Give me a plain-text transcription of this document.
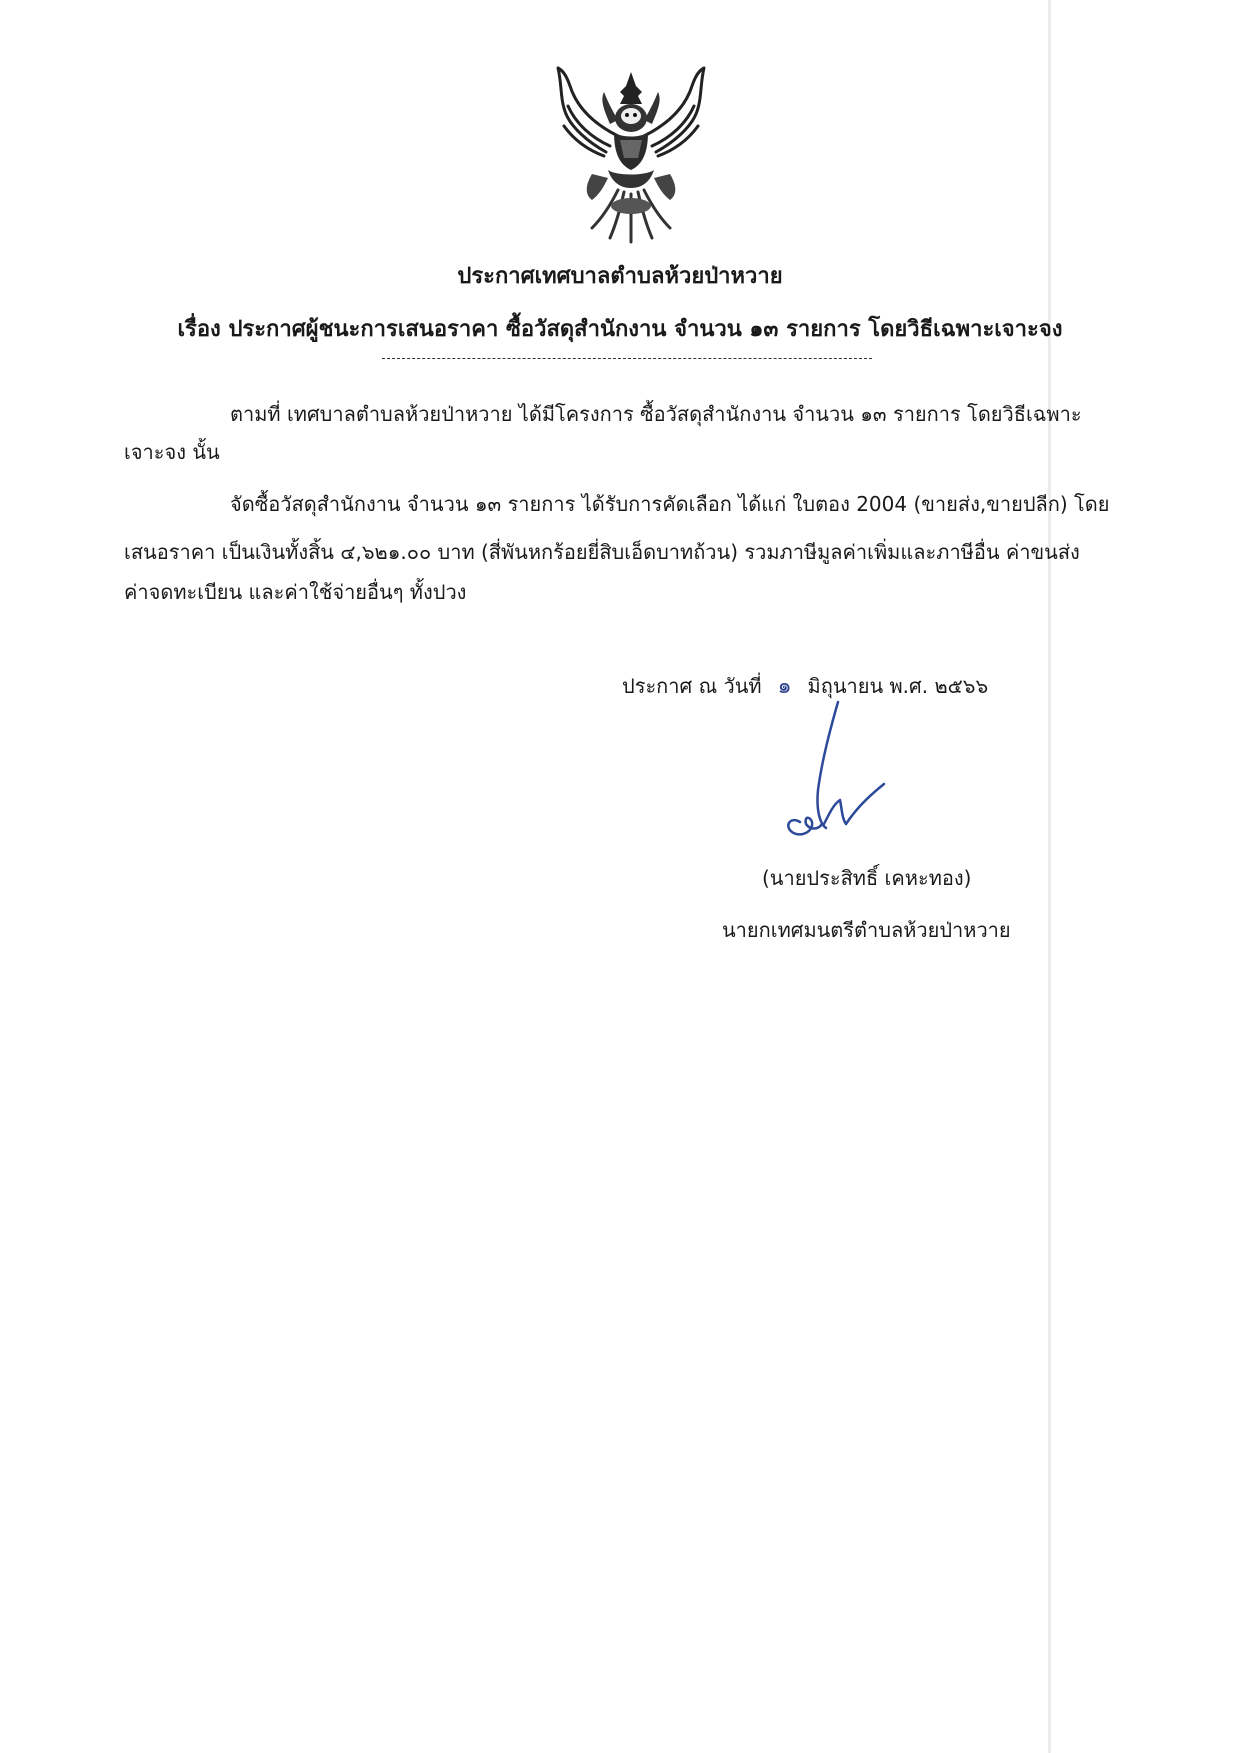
ประกาศเทศบาลตำบลห้วยป่าหวาย
เรื่อง ประกาศผู้ชนะการเสนอราคา ซื้อวัสดุสำนักงาน จำนวน ๑๓ รายการ โดยวิธีเฉพาะเจาะจง
ตามที่ เทศบาลตำบลห้วยป่าหวาย ได้มีโครงการ ซื้อวัสดุสำนักงาน จำนวน ๑๓ รายการ โดยวิธีเฉพาะ
เจาะจง นั้น
จัดซื้อวัสดุสำนักงาน จำนวน ๑๓ รายการ ได้รับการคัดเลือก ได้แก่ ใบตอง 2004 (ขายส่ง,ขายปลีก) โดย
เสนอราคา เป็นเงินทั้งสิ้น ๔,๖๒๑.๐๐ บาท (สี่พันหกร้อยยี่สิบเอ็ดบาทถ้วน) รวมภาษีมูลค่าเพิ่มและภาษีอื่น ค่าขนส่ง
ค่าจดทะเบียน และค่าใช้จ่ายอื่นๆ ทั้งปวง
ประกาศ ณ วันที่ ๑ มิถุนายน พ.ศ. ๒๕๖๖
(นายประสิทธิ์ เคหะทอง)
นายกเทศมนตรีตำบลห้วยป่าหวาย
